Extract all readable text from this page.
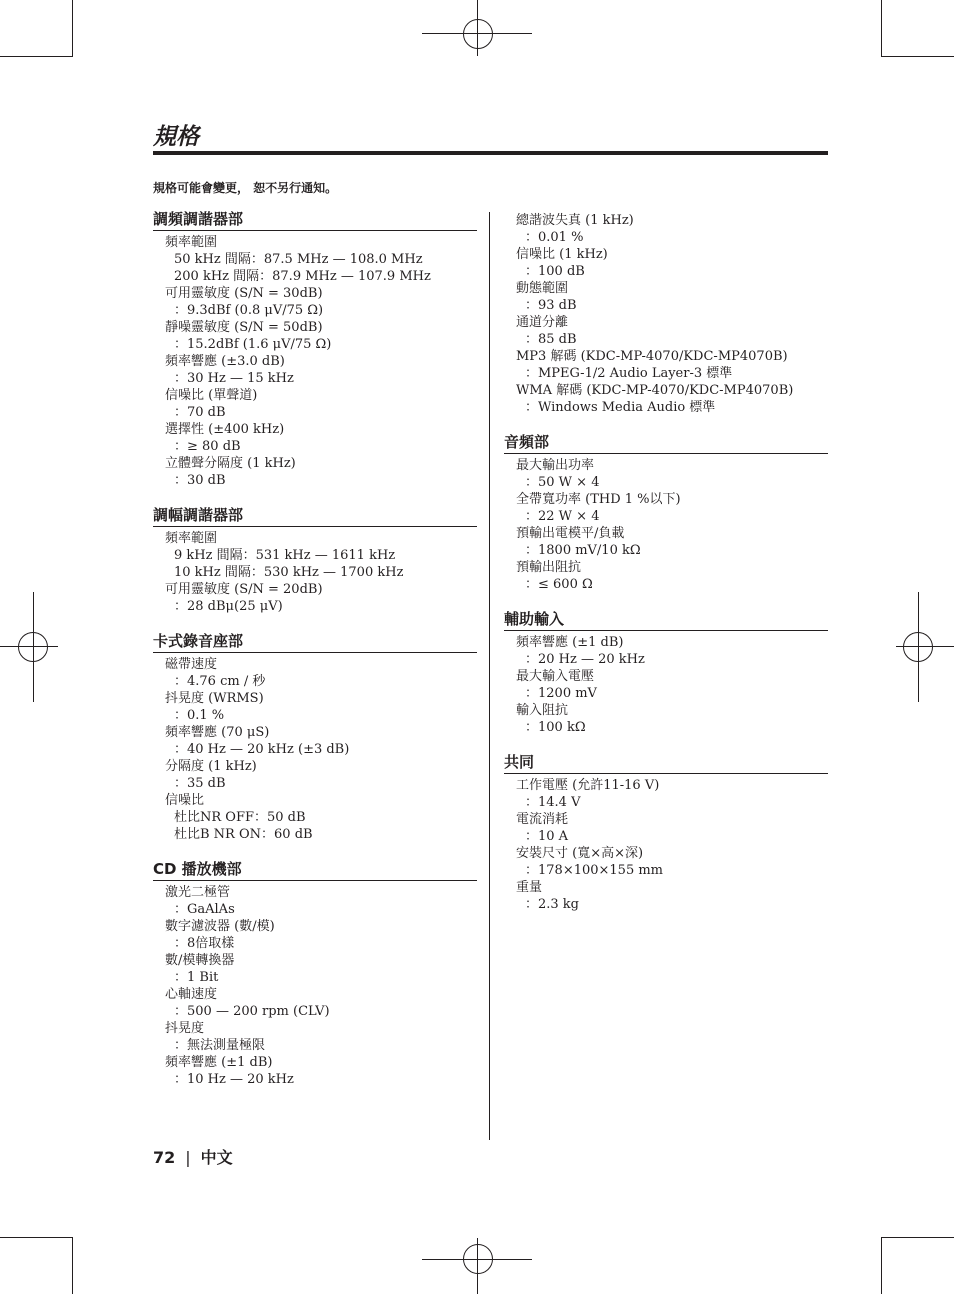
規格
規格可能會變更， 恕不另行通知。
調頻調諧器部
頻率範圍
50 kHz 間隔：87.5 MHz — 108.0 MHz
200 kHz 間隔：87.9 MHz — 107.9 MHz
可用靈敏度 (S/N = 30dB)
：9.3dBf (0.8 μV/75 Ω)
靜噪靈敏度 (S/N = 50dB)
：15.2dBf (1.6 μV/75 Ω)
頻率響應 (±3.0 dB)
：30 Hz — 15 kHz
信噪比 (單聲道)
：70 dB
選擇性 (±400 kHz)
：≥ 80 dB
立體聲分隔度 (1 kHz)
：30 dB
調幅調諧器部
頻率範圍
9 kHz 間隔：531 kHz — 1611 kHz
10 kHz 間隔：530 kHz — 1700 kHz
可用靈敏度 (S/N = 20dB)
：28 dBμ(25 μV)
卡式錄音座部
磁帶速度
：4.76 cm / 秒
抖晃度 (WRMS)
：0.1 %
頻率響應 (70 μS)
：40 Hz — 20 kHz (±3 dB)
分隔度 (1 kHz)
：35 dB
信噪比
杜比NR OFF：50 dB
杜比B NR ON：60 dB
CD 播放機部
激光二極管
：GaAlAs
數字濾波器 (數/模)
：8倍取樣
數/模轉換器
：1 Bit
心軸速度
：500 — 200 rpm (CLV)
抖晃度
：無法測量極限
頻率響應 (±1 dB)
：10 Hz — 20 kHz
總諧波失真 (1 kHz)
：0.01 %
信噪比 (1 kHz)
：100 dB
動態範圍
：93 dB
通道分離
：85 dB
MP3 解碼 (KDC-MP-4070/KDC-MP4070B)
：MPEG-1/2 Audio Layer-3 標準
WMA 解碼 (KDC-MP-4070/KDC-MP4070B)
：Windows Media Audio 標準
音頻部
最大輸出功率
：50 W × 4
全帶寬功率 (THD 1 %以下)
：22 W × 4
預輸出電模平/負載
：1800 mV/10 kΩ
預輸出阻抗
：≤ 600 Ω
輔助輸入
頻率響應 (±1 dB)
：20 Hz — 20 kHz
最大輸入電壓
：1200 mV
輸入阻抗
：100 kΩ
共同
工作電壓 (允許11-16 V)
：14.4 V
電流消耗
：10 A
安裝尺寸 (寬×高×深)
：178×100×155 mm
重量
：2.3 kg
72 | 中文
